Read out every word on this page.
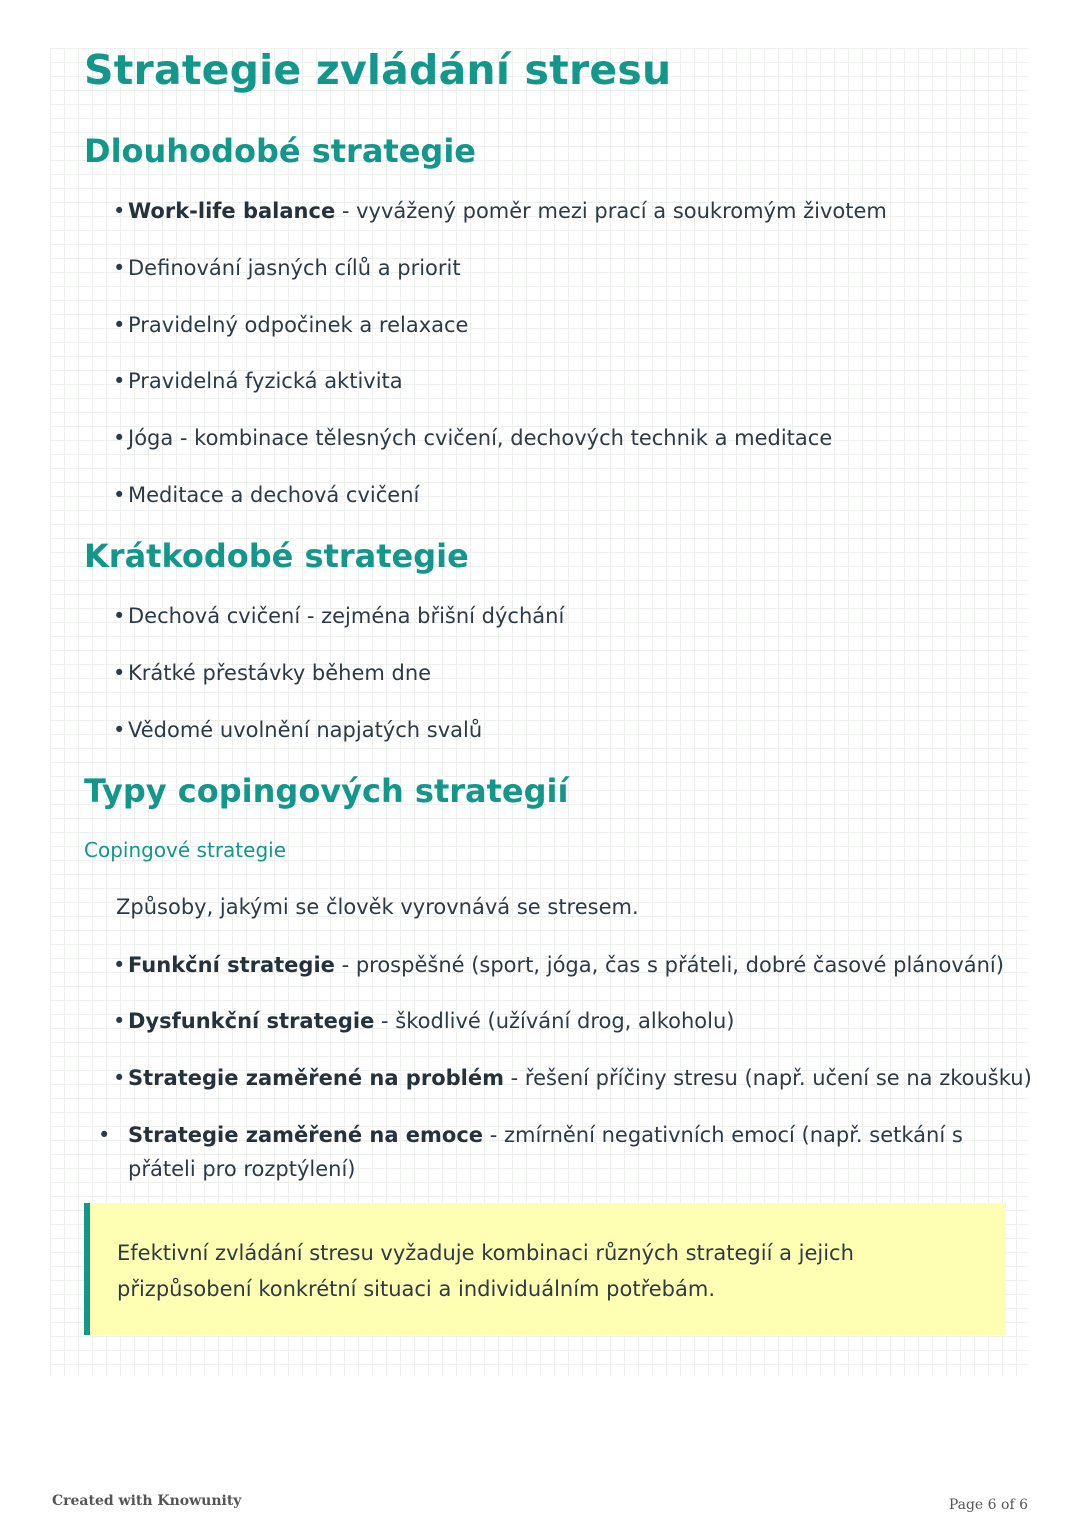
Strategie zvládání stresu
Dlouhodobé strategie
• Work-life balance - vyvážený poměr mezi prací a soukromým životem
• Definování jasných cílů a priorit
• Pravidelný odpočinek a relaxace
• Pravidelná fyzická aktivita
• Jóga - kombinace tělesných cvičení, dechových technik a meditace
• Meditace a dechová cvičení
Krátkodobé strategie
• Dechová cvičení - zejména břišní dýchání
• Krátké přestávky během dne
• Vědomé uvolnění napjatých svalů
Typy copingových strategií
Copingové strategie

Způsoby, jakými se člověk vyrovnává se stresem.

• Funkční strategie - prospěšné (sport, jóga, čas s přáteli, dobré časové plánování)
• Dysfunkční strategie - škodlivé (užívání drog, alkoholu)
• Strategie zaměřené na problém - řešení příčiny stresu (např. učení se na zkoušku)
• Strategie zaměřené na emoce - zmírnění negativních emocí (např. setkání s přáteli pro rozptýlení)

Efektivní zvládání stresu vyžaduje kombinaci různých strategií a jejich přizpůsobení konkrétní situaci a individuálním potřebám.

Created with Knowunity	Page 6 of 6
